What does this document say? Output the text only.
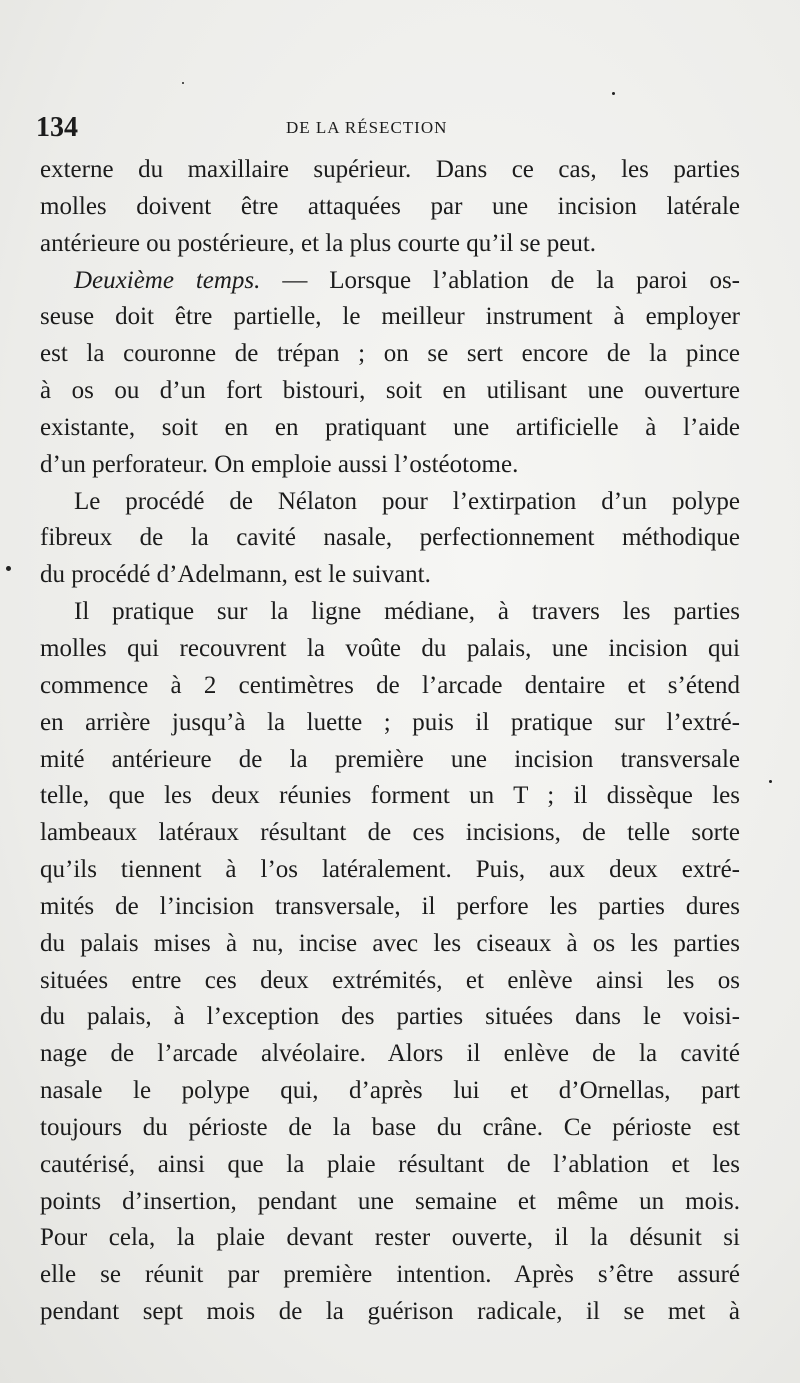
134	DE LA RÉSECTION
externe du maxillaire supérieur. Dans ce cas, les parties
molles doivent être attaquées par une incision latérale
antérieure ou postérieure, et la plus courte qu’il se peut.
Deuxième temps. — Lorsque l’ablation de la paroi os-
seuse doit être partielle, le meilleur instrument à employer
est la couronne de trépan ; on se sert encore de la pince
à os ou d’un fort bistouri, soit en utilisant une ouverture
existante, soit en en pratiquant une artificielle à l’aide
d’un perforateur. On emploie aussi l’ostéotome.
Le procédé de Nélaton pour l’extirpation d’un polype
fibreux de la cavité nasale, perfectionnement méthodique
du procédé d’Adelmann, est le suivant.
Il pratique sur la ligne médiane, à travers les parties
molles qui recouvrent la voûte du palais, une incision qui
commence à 2 centimètres de l’arcade dentaire et s’étend
en arrière jusqu’à la luette ; puis il pratique sur l’extré-
mité antérieure de la première une incision transversale
telle, que les deux réunies forment un T ; il dissèque les
lambeaux latéraux résultant de ces incisions, de telle sorte
qu’ils tiennent à l’os latéralement. Puis, aux deux extré-
mités de l’incision transversale, il perfore les parties dures
du palais mises à nu, incise avec les ciseaux à os les parties
situées entre ces deux extrémités, et enlève ainsi les os
du palais, à l’exception des parties situées dans le voisi-
nage de l’arcade alvéolaire. Alors il enlève de la cavité
nasale le polype qui, d’après lui et d’Ornellas, part
toujours du périoste de la base du crâne. Ce périoste est
cautérisé, ainsi que la plaie résultant de l’ablation et les
points d’insertion, pendant une semaine et même un mois.
Pour cela, la plaie devant rester ouverte, il la désunit si
elle se réunit par première intention. Après s’être assuré
pendant sept mois de la guérison radicale, il se met à
